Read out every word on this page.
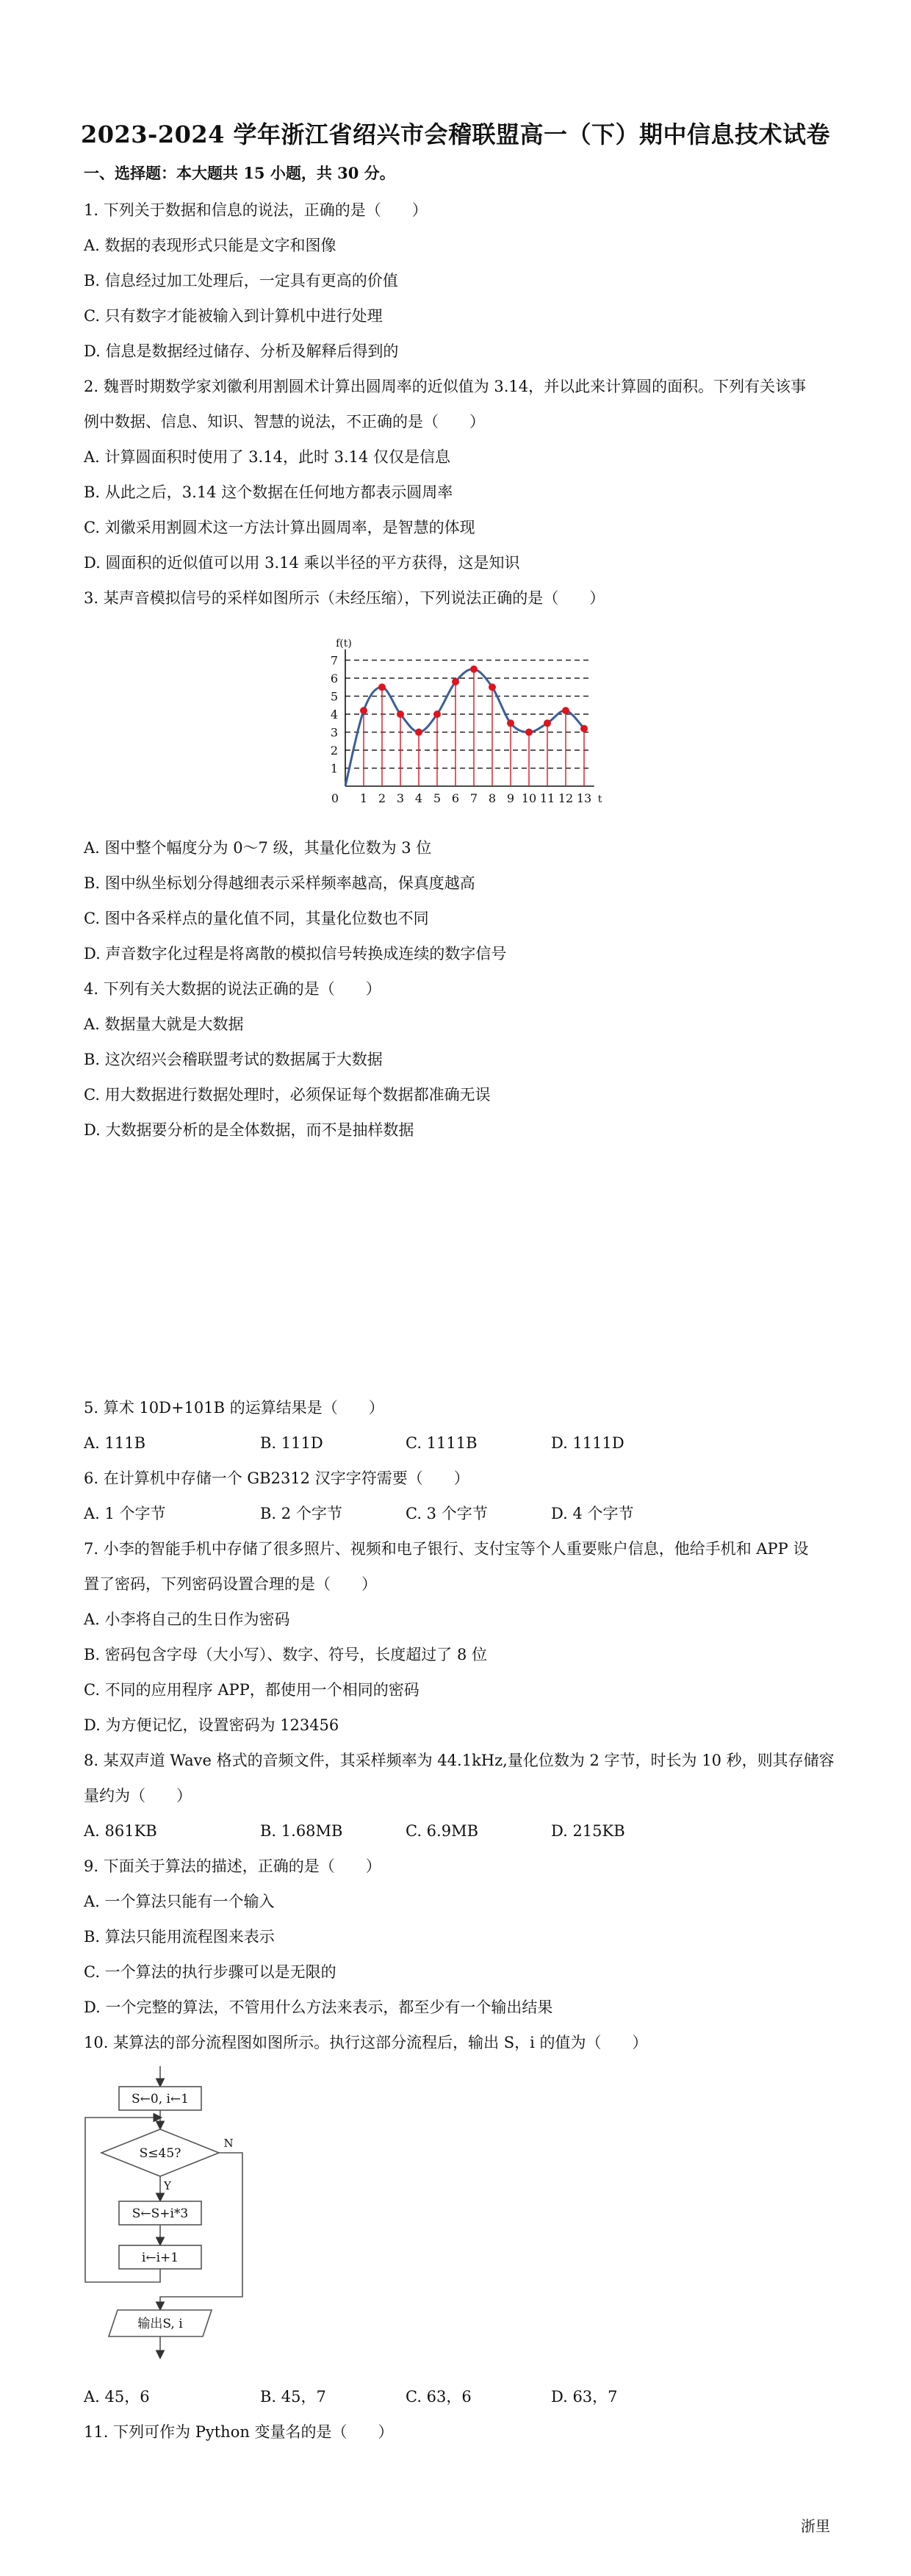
2023-2024 学年浙江省绍兴市会稽联盟高一（下）期中信息技术试卷
一、选择题：本大题共 15 小题，共 30 分。
1. 下列关于数据和信息的说法，正确的是（　　）
A. 数据的表现形式只能是文字和图像
B. 信息经过加工处理后，一定具有更高的价值
C. 只有数字才能被输入到计算机中进行处理
D. 信息是数据经过储存、分析及解释后得到的
2. 魏晋时期数学家刘徽利用割圆术计算出圆周率的近似值为 3.14，并以此来计算圆的面积。下列有关该事
例中数据、信息、知识、智慧的说法，不正确的是（　　）
A. 计算圆面积时使用了 3.14，此时 3.14 仅仅是信息
B. 从此之后，3.14 这个数据在任何地方都表示圆周率
C. 刘徽采用割圆术这一方法计算出圆周率，是智慧的体现
D. 圆面积的近似值可以用 3.14 乘以半径的平方获得，这是知识
3. 某声音模拟信号的采样如图所示（未经压缩），下列说法正确的是（　　）
1
2
3
4
5
6
7
1 2 3 4 5 6 7 8 9 10 11 12 13
0	t
f(t)
A. 图中整个幅度分为 0～7 级，其量化位数为 3 位
B. 图中纵坐标划分得越细表示采样频率越高，保真度越高
C. 图中各采样点的量化值不同，其量化位数也不同
D. 声音数字化过程是将离散的模拟信号转换成连续的数字信号
4. 下列有关大数据的说法正确的是（　　）
A. 数据量大就是大数据
B. 这次绍兴会稽联盟考试的数据属于大数据
C. 用大数据进行数据处理时，必须保证每个数据都准确无误
D. 大数据要分析的是全体数据，而不是抽样数据
5. 算术 10D+101B 的运算结果是（　　）
A. 111B	B. 111D	C. 1111B	D. 1111D
6. 在计算机中存储一个 GB2312 汉字字符需要（　　）
A. 1 个字节	B. 2 个字节	C. 3 个字节	D. 4 个字节
7. 小李的智能手机中存储了很多照片、视频和电子银行、支付宝等个人重要账户信息，他给手机和 APP 设
置了密码，下列密码设置合理的是（　　）
A. 小李将自己的生日作为密码
B. 密码包含字母（大小写）、数字、符号，长度超过了 8 位
C. 不同的应用程序 APP，都使用一个相同的密码
D. 为方便记忆，设置密码为 123456
8. 某双声道 Wave 格式的音频文件，其采样频率为 44.1kHz,量化位数为 2 字节，时长为 10 秒，则其存储容
量约为（　　）
A. 861KB	B. 1.68MB	C. 6.9MB	D. 215KB
9. 下面关于算法的描述，正确的是（　　）
A. 一个算法只能有一个输入
B. 算法只能用流程图来表示
C. 一个算法的执行步骤可以是无限的
D. 一个完整的算法，不管用什么方法来表示，都至少有一个输出结果
10. 某算法的部分流程图如图所示。执行这部分流程后，输出 S，i 的值为（　　）
S←0, i←1
S≤45?
Y
N
S←S+i*3
i←i+1
输出S, i
A. 45，6	B. 45，7	C. 63，6	D. 63，7
11. 下列可作为 Python 变量名的是（　　）
浙里
